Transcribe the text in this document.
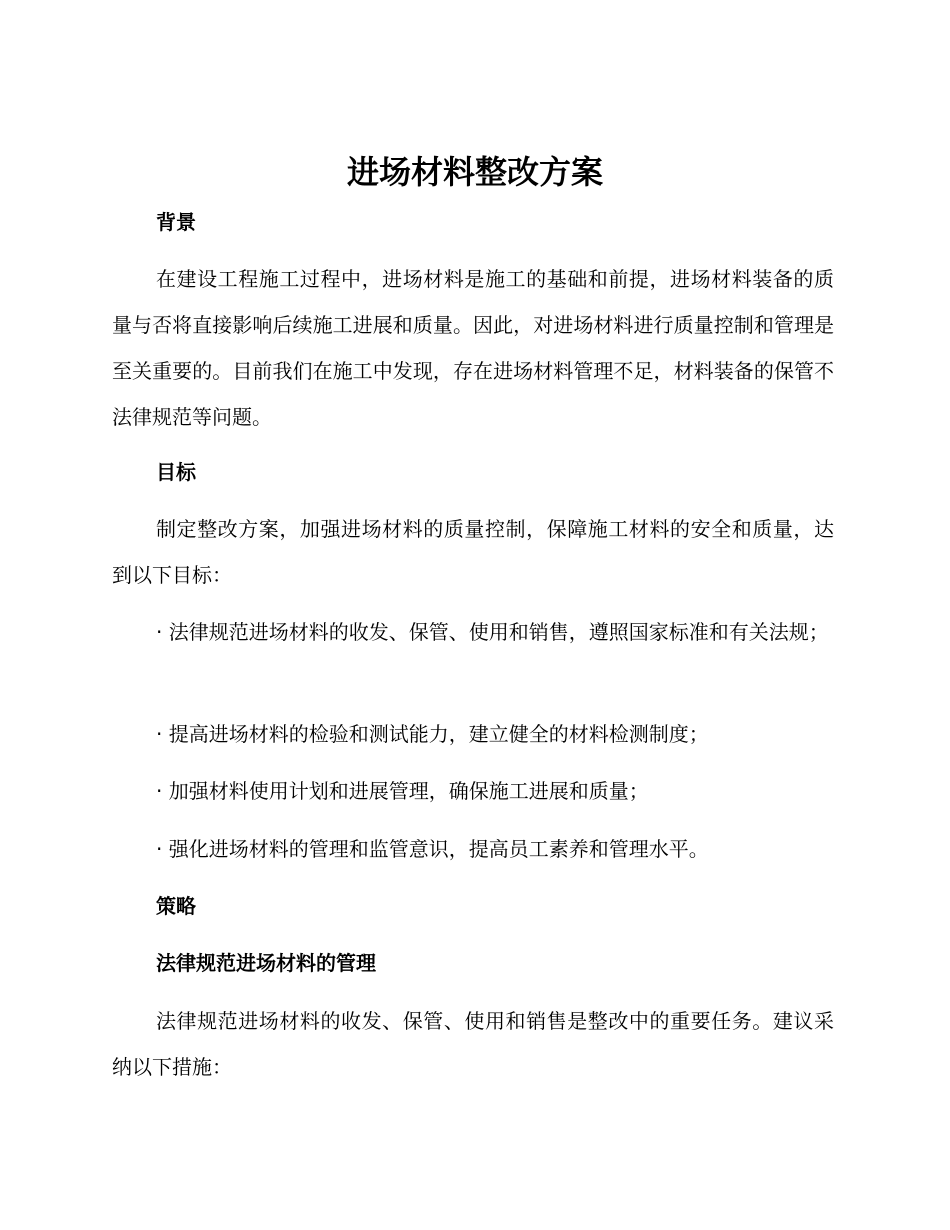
进场材料整改方案
背景
在建设工程施工过程中，进场材料是施工的基础和前提，进场材料装备的质量与否将直接影响后续施工进展和质量。因此，对进场材料进行质量控制和管理是至关重要的。目前我们在施工中发现，存在进场材料管理不足，材料装备的保管不法律规范等问题。
目标
制定整改方案，加强进场材料的质量控制，保障施工材料的安全和质量，达到以下目标：
· 法律规范进场材料的收发、保管、使用和销售，遵照国家标准和有关法规；
· 提高进场材料的检验和测试能力，建立健全的材料检测制度；
· 加强材料使用计划和进展管理，确保施工进展和质量；
· 强化进场材料的管理和监管意识，提高员工素养和管理水平。
策略
法律规范进场材料的管理
法律规范进场材料的收发、保管、使用和销售是整改中的重要任务。建议采纳以下措施：
